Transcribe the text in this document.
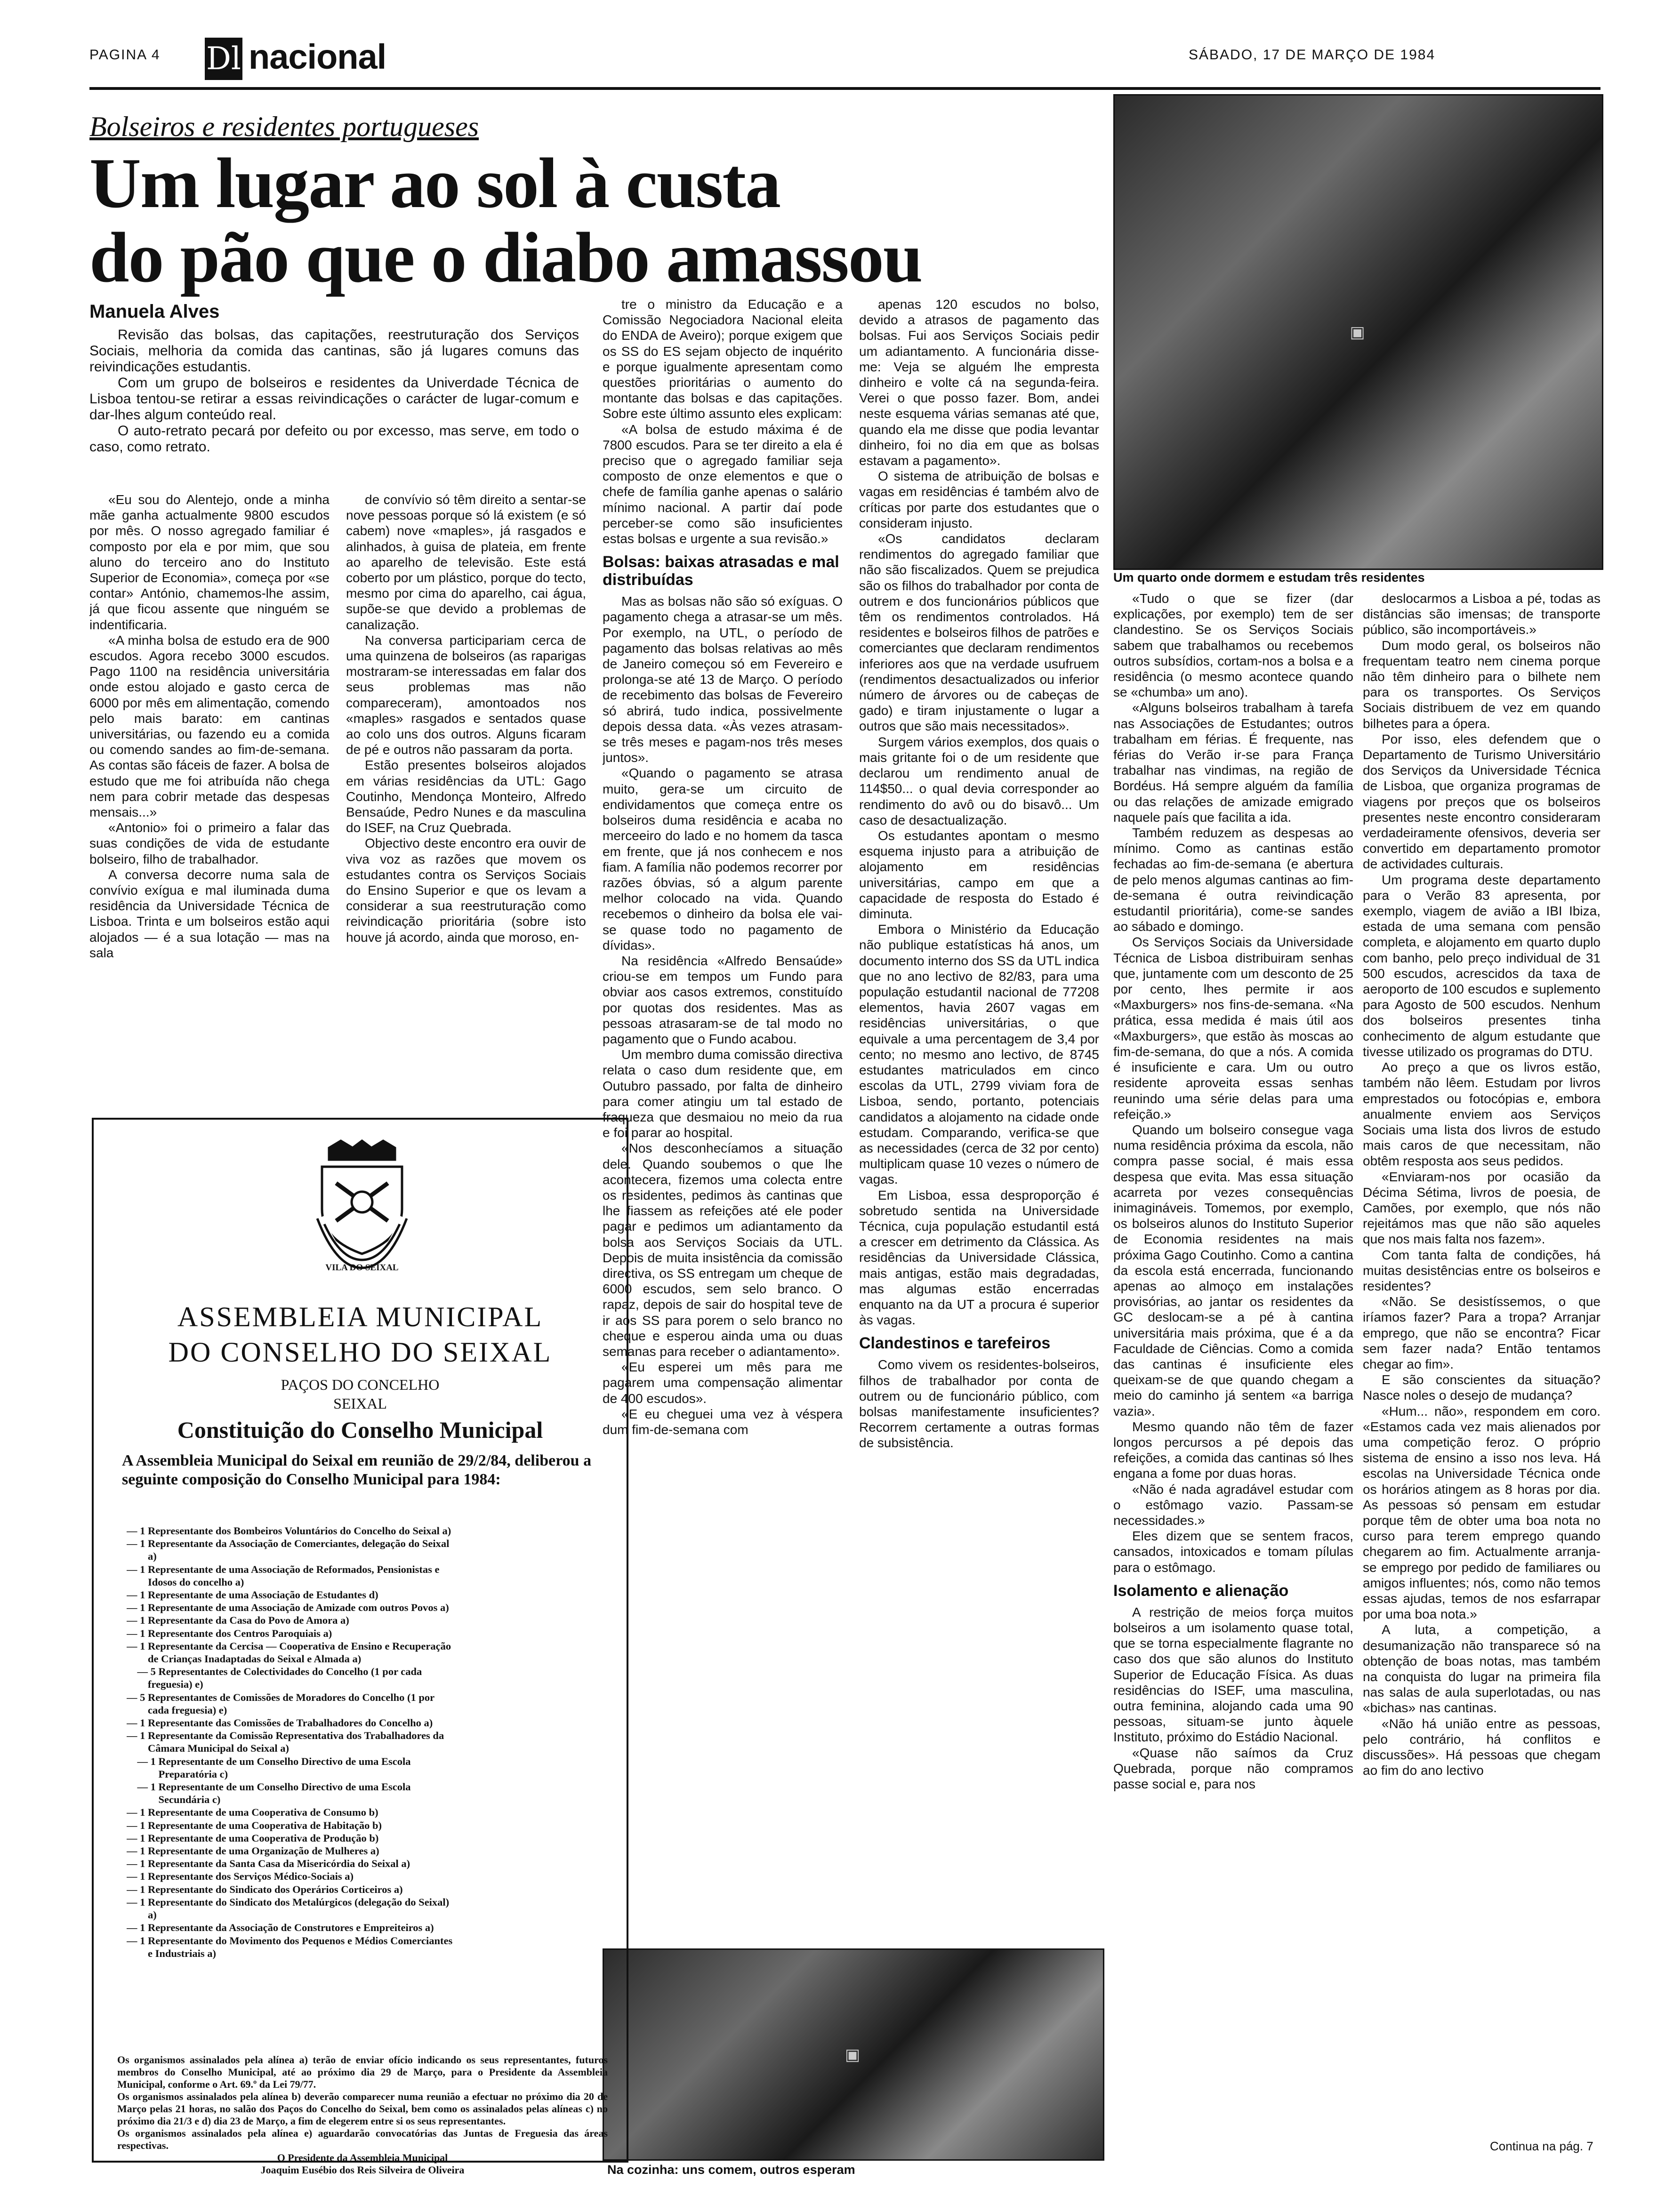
PAGINA 4 Dl nacional	SÁBADO, 17 DE MARÇO DE 1984
Bolseiros e residentes portugueses
Um lugar ao sol à custa
do pão que o diabo amassou
Manuela Alves

Revisão das bolsas, das capitações, reestruturação dos Serviços Sociais, melhoria da comida das cantinas, são já lugares comuns das reivindicações estudantis.

Com um grupo de bolseiros e residentes da Univerdade Técnica de Lisboa tentou-se retirar a essas reivindicações o carácter de lugar-comum e dar-lhes algum conteúdo real.

O auto-retrato pecará por defeito ou por excesso, mas serve, em todo o caso, como retrato.

«Eu sou do Alentejo, onde a minha mãe ganha actualmente 9800 escudos por mês. O nosso agregado familiar é composto por ela e por mim, que sou aluno do terceiro ano do Instituto Superior de Economia», começa por «se contar» António, chamemos-lhe assim, já que ficou assente que ninguém se indentificaria.

«A minha bolsa de estudo era de 900 escudos. Agora recebo 3000 escudos. Pago 1100 na residência universitária onde estou alojado e gasto cerca de 6000 por mês em alimentação, comendo pelo mais barato: em cantinas universitárias, ou fazendo eu a comida ou comendo sandes ao fim-de-semana. As contas são fáceis de fazer. A bolsa de estudo que me foi atribuída não chega nem para cobrir metade das despesas mensais...»

«Antonio» foi o primeiro a falar das suas condições de vida de estudante bolseiro, filho de trabalhador.

A conversa decorre numa sala de convívio exígua e mal iluminada duma residência da Universidade Técnica de Lisboa. Trinta e um bolseiros estão aqui alojados — é a sua lotação — mas na sala

de convívio só têm direito a sentar-se nove pessoas porque só lá existem (e só cabem) nove «maples», já rasgados e alinhados, à guisa de plateia, em frente ao aparelho de televisão. Este está coberto por um plástico, porque do tecto, mesmo por cima do aparelho, cai água, supõe-se que devido a problemas de canalização.

Na conversa participariam cerca de uma quinzena de bolseiros (as raparigas mostraram-se interessadas em falar dos seus problemas mas não compareceram), amontoados nos «maples» rasgados e sentados quase ao colo uns dos outros. Alguns ficaram de pé e outros não passaram da porta.

Estão presentes bolseiros alojados em várias residências da UTL: Gago Coutinho, Mendonça Monteiro, Alfredo Bensaúde, Pedro Nunes e da masculina do ISEF, na Cruz Quebrada.

Objectivo deste encontro era ouvir de viva voz as razões que movem os estudantes contra os Serviços Sociais do Ensino Superior e que os levam a considerar a sua reestruturação como reivindicação prioritária (sobre isto houve já acordo, ainda que moroso, en-

tre o ministro da Educação e a Comissão Negociadora Nacional eleita do ENDA de Aveiro); porque exigem que os SS do ES sejam objecto de inquérito e porque igualmente apresentam como questões prioritárias o aumento do montante das bolsas e das capitações. Sobre este último assunto eles explicam:

«A bolsa de estudo máxima é de 7800 escudos. Para se ter direito a ela é preciso que o agregado familiar seja composto de onze elementos e que o chefe de família ganhe apenas o salário mínimo nacional. A partir daí pode perceber-se como são insuficientes estas bolsas e urgente a sua revisão.»

Bolsas: baixas atrasadas e mal distribuídas

Mas as bolsas não são só exíguas. O pagamento chega a atrasar-se um mês. Por exemplo, na UTL, o período de pagamento das bolsas relativas ao mês de Janeiro começou só em Fevereiro e prolonga-se até 13 de Março. O período de recebimento das bolsas de Fevereiro só abrirá, tudo indica, possivelmente depois dessa data. «Às vezes atrasam-se três meses e pagam-nos três meses juntos».

«Quando o pagamento se atrasa muito, gera-se um circuito de endividamentos que começa entre os bolseiros duma residência e acaba no merceeiro do lado e no homem da tasca em frente, que já nos conhecem e nos fiam. A família não podemos recorrer por razões óbvias, só a algum parente melhor colocado na vida. Quando recebemos o dinheiro da bolsa ele vai-se quase todo no pagamento de dívidas».

Na residência «Alfredo Bensaúde» criou-se em tempos um Fundo para obviar aos casos extremos, constituído por quotas dos residentes. Mas as pessoas atrasaram-se de tal modo no pagamento que o Fundo acabou.

Um membro duma comissão directiva relata o caso dum residente que, em Outubro passado, por falta de dinheiro para comer atingiu um tal estado de fraqueza que desmaiou no meio da rua e foi parar ao hospital.

«Nos desconhecíamos a situação dele. Quando soubemos o que lhe acontecera, fizemos uma colecta entre os residentes, pedimos às cantinas que lhe fiassem as refeições até ele poder pagar e pedimos um adiantamento da bolsa aos Serviços Sociais da UTL. Depois de muita insistência da comissão directiva, os SS entregam um cheque de 6000 escudos, sem selo branco. O rapaz, depois de sair do hospital teve de ir aos SS para porem o selo branco no cheque e esperou ainda uma ou duas semanas para receber o adiantamento».

«Eu esperei um mês para me pagarem uma compensação alimentar de 400 escudos».

«E eu cheguei uma vez à véspera dum fim-de-semana com

apenas 120 escudos no bolso, devido a atrasos de pagamento das bolsas. Fui aos Serviços Sociais pedir um adiantamento. A funcionária disse-me: Veja se alguém lhe empresta dinheiro e volte cá na segunda-feira. Verei o que posso fazer. Bom, andei neste esquema várias semanas até que, quando ela me disse que podia levantar dinheiro, foi no dia em que as bolsas estavam a pagamento».

O sistema de atribuição de bolsas e vagas em residências é também alvo de críticas por parte dos estudantes que o consideram injusto.

«Os candidatos declaram rendimentos do agregado familiar que não são fiscalizados. Quem se prejudica são os filhos do trabalhador por conta de outrem e dos funcionários públicos que têm os rendimentos controlados. Há residentes e bolseiros filhos de patrões e comerciantes que declaram rendimentos inferiores aos que na verdade usufruem (rendimentos desactualizados ou inferior número de árvores ou de cabeças de gado) e tiram injustamente o lugar a outros que são mais necessitados».

Surgem vários exemplos, dos quais o mais gritante foi o de um residente que declarou um rendimento anual de 114$50... o qual devia corresponder ao rendimento do avô ou do bisavô... Um caso de desactualização.

Os estudantes apontam o mesmo esquema injusto para a atribuição de alojamento em residências universitárias, campo em que a capacidade de resposta do Estado é diminuta.

Embora o Ministério da Educação não publique estatísticas há anos, um documento interno dos SS da UTL indica que no ano lectivo de 82/83, para uma população estudantil nacional de 77208 elementos, havia 2607 vagas em residências universitárias, o que equivale a uma percentagem de 3,4 por cento; no mesmo ano lectivo, de 8745 estudantes matriculados em cinco escolas da UTL, 2799 viviam fora de Lisboa, sendo, portanto, potenciais candidatos a alojamento na cidade onde estudam. Comparando, verifica-se que as necessidades (cerca de 32 por cento) multiplicam quase 10 vezes o número de vagas.

Em Lisboa, essa desproporção é sobretudo sentida na Universidade Técnica, cuja população estudantil está a crescer em detrimento da Clássica. As residências da Universidade Clássica, mais antigas, estão mais degradadas, mas algumas estão encerradas enquanto na da UT a procura é superior às vagas.

Clandestinos e tarefeiros

Como vivem os residentes-bolseiros, filhos de trabalhador por conta de outrem ou de funcionário público, com bolsas manifestamente insuficientes? Recorrem certamente a outras formas de subsistência.

▣
Um quarto onde dormem e estudam três residentes

«Tudo o que se fizer (dar explicações, por exemplo) tem de ser clandestino. Se os Serviços Sociais sabem que trabalhamos ou recebemos outros subsídios, cortam-nos a bolsa e a residência (o mesmo acontece quando se «chumba» um ano).

«Alguns bolseiros trabalham à tarefa nas Associações de Estudantes; outros trabalham em férias. É frequente, nas férias do Verão ir-se para França trabalhar nas vindimas, na região de Bordéus. Há sempre alguém da família ou das relações de amizade emigrado naquele país que facilita a ida.

Também reduzem as despesas ao mínimo. Como as cantinas estão fechadas ao fim-de-semana (e abertura de pelo menos algumas cantinas ao fim-de-semana é outra reivindicação estudantil prioritária), come-se sandes ao sábado e domingo.

Os Serviços Sociais da Universidade Técnica de Lisboa distribuiram senhas que, juntamente com um desconto de 25 por cento, lhes permite ir aos «Maxburgers» nos fins-de-semana. «Na prática, essa medida é mais útil aos «Maxburgers», que estão às moscas ao fim-de-semana, do que a nós. A comida é insuficiente e cara. Um ou outro residente aproveita essas senhas reunindo uma série delas para uma refeição.»

Quando um bolseiro consegue vaga numa residência próxima da escola, não compra passe social, é mais essa despesa que evita. Mas essa situação acarreta por vezes consequências inimagináveis. Tomemos, por exemplo, os bolseiros alunos do Instituto Superior de Economia residentes na mais próxima Gago Coutinho. Como a cantina da escola está encerrada, funcionando apenas ao almoço em instalações provisórias, ao jantar os residentes da GC deslocam-se a pé à cantina universitária mais próxima, que é a da Faculdade de Ciências. Como a comida das cantinas é insuficiente eles queixam-se de que quando chegam a meio do caminho já sentem «a barriga vazia».

Mesmo quando não têm de fazer longos percursos a pé depois das refeições, a comida das cantinas só lhes engana a fome por duas horas.

«Não é nada agradável estudar com o estômago vazio. Passam-se necessidades.»

Eles dizem que se sentem fracos, cansados, intoxicados e tomam pílulas para o estômago.

Isolamento e alienação

A restrição de meios força muitos bolseiros a um isolamento quase total, que se torna especialmente flagrante no caso dos que são alunos do Instituto Superior de Educação Física. As duas residências do ISEF, uma masculina, outra feminina, alojando cada uma 90 pessoas, situam-se junto àquele Instituto, próximo do Estádio Nacional.

«Quase não saímos da Cruz Quebrada, porque não compramos passe social e, para nos

deslocarmos a Lisboa a pé, todas as distâncias são imensas; de transporte público, são incomportáveis.»

Dum modo geral, os bolseiros não frequentam teatro nem cinema porque não têm dinheiro para o bilhete nem para os transportes. Os Serviços Sociais distribuem de vez em quando bilhetes para a ópera.

Por isso, eles defendem que o Departamento de Turismo Universitário dos Serviços da Universidade Técnica de Lisboa, que organiza programas de viagens por preços que os bolseiros presentes neste encontro consideraram verdadeiramente ofensivos, deveria ser convertido em departamento promotor de actividades culturais.

Um programa deste departamento para o Verão 83 apresenta, por exemplo, viagem de avião a IBI Ibiza, estada de uma semana com pensão completa, e alojamento em quarto duplo com banho, pelo preço individual de 31 500 escudos, acrescidos da taxa de aeroporto de 100 escudos e suplemento para Agosto de 500 escudos. Nenhum dos bolseiros presentes tinha conhecimento de algum estudante que tivesse utilizado os programas do DTU.

Ao preço a que os livros estão, também não lêem. Estudam por livros emprestados ou fotocópias e, embora anualmente enviem aos Serviços Sociais uma lista dos livros de estudo mais caros de que necessitam, não obtêm resposta aos seus pedidos.

«Enviaram-nos por ocasião da Décima Sétima, livros de poesia, de Camões, por exemplo, que nós não rejeitámos mas que não são aqueles que nos mais falta nos fazem».

Com tanta falta de condições, há muitas desistências entre os bolseiros e residentes?

«Não. Se desistíssemos, o que iríamos fazer? Para a tropa? Arranjar emprego, que não se encontra? Ficar sem fazer nada? Então tentamos chegar ao fim».

E são conscientes da situação? Nasce noles o desejo de mudança?

«Hum... não», respondem em coro. «Estamos cada vez mais alienados por uma competição feroz. O próprio sistema de ensino a isso nos leva. Há escolas na Universidade Técnica onde os horários atingem as 8 horas por dia. As pessoas só pensam em estudar porque têm de obter uma boa nota no curso para terem emprego quando chegarem ao fim. Actualmente arranja-se emprego por pedido de familiares ou amigos influentes; nós, como não temos essas ajudas, temos de nos esfarrapar por uma boa nota.»

A luta, a competição, a desumanização não transparece só na obtenção de boas notas, mas também na conquista do lugar na primeira fila nas salas de aula superlotadas, ou nas «bichas» nas cantinas.

«Não há união entre as pessoas, pelo contrário, há conflitos e discussões». Há pessoas que chegam ao fim do ano lectivo

Continua na pág. 7
▣
Na cozinha: uns comem, outros esperam
VILA DO SEIXAL
ASSEMBLEIA MUNICIPAL
DO CONSELHO DO SEIXAL
PAÇOS DO CONCELHO
SEIXAL
Constituição do Conselho Municipal
A Assembleia Municipal do Seixal em reunião de 29/2/84, deliberou a seguinte composição do Conselho Municipal para 1984:
— 1 Representante dos Bombeiros Voluntários do Concelho do Seixal a)
— 1 Representante da Associação de Comerciantes, delegação do Seixal
a)
— 1 Representante de uma Associação de Reformados, Pensionistas e
Idosos do concelho a)
— 1 Representante de uma Associação de Estudantes d)
— 1 Representante de uma Associação de Amizade com outros Povos a)
— 1 Representante da Casa do Povo de Amora a)
— 1 Representante dos Centros Paroquiais a)
— 1 Representante da Cercisa — Cooperativa de Ensino e Recuperação
de Crianças Inadaptadas do Seixal e Almada a)
— 5 Representantes de Colectividades do Concelho (1 por cada
freguesia) e)
— 5 Representantes de Comissões de Moradores do Concelho (1 por
cada freguesia) e)
— 1 Representante das Comissões de Trabalhadores do Concelho a)
— 1 Representante da Comissão Representativa dos Trabalhadores da
Câmara Municipal do Seixal a)
— 1 Representante de um Conselho Directivo de uma Escola
Preparatória c)
— 1 Representante de um Conselho Directivo de uma Escola
Secundária c)
— 1 Representante de uma Cooperativa de Consumo b)
— 1 Representante de uma Cooperativa de Habitação b)
— 1 Representante de uma Cooperativa de Produção b)
— 1 Representante de uma Organização de Mulheres a)
— 1 Representante da Santa Casa da Misericórdia do Seixal a)
— 1 Representante dos Serviços Médico-Sociais a)
— 1 Representante do Sindicato dos Operários Corticeiros a)
— 1 Representante do Sindicato dos Metalúrgicos (delegação do Seixal)
a)
— 1 Representante da Associação de Construtores e Empreiteiros a)
— 1 Representante do Movimento dos Pequenos e Médios Comerciantes
e Industriais a)
Os organismos assinalados pela alínea a) terão de enviar ofício indicando os seus representantes, futuros membros do Conselho Municipal, até ao próximo dia 29 de Março, para o Presidente da Assembleia Municipal, conforme o Art. 69.º da Lei 79/77.
Os organismos assinalados pela alínea b) deverão comparecer numa reunião a efectuar no próximo dia 20 de Março pelas 21 horas, no salão dos Paços do Concelho do Seixal, bem como os assinalados pelas alíneas c) no próximo dia 21/3 e d) dia 23 de Março, a fim de elegerem entre si os seus representantes.
Os organismos assinalados pela alínea e) aguardarão convocatórias das Juntas de Freguesia das áreas respectivas.
O Presidente da Assembleia Municipal
Joaquim Eusébio dos Reis Silveira de Oliveira
